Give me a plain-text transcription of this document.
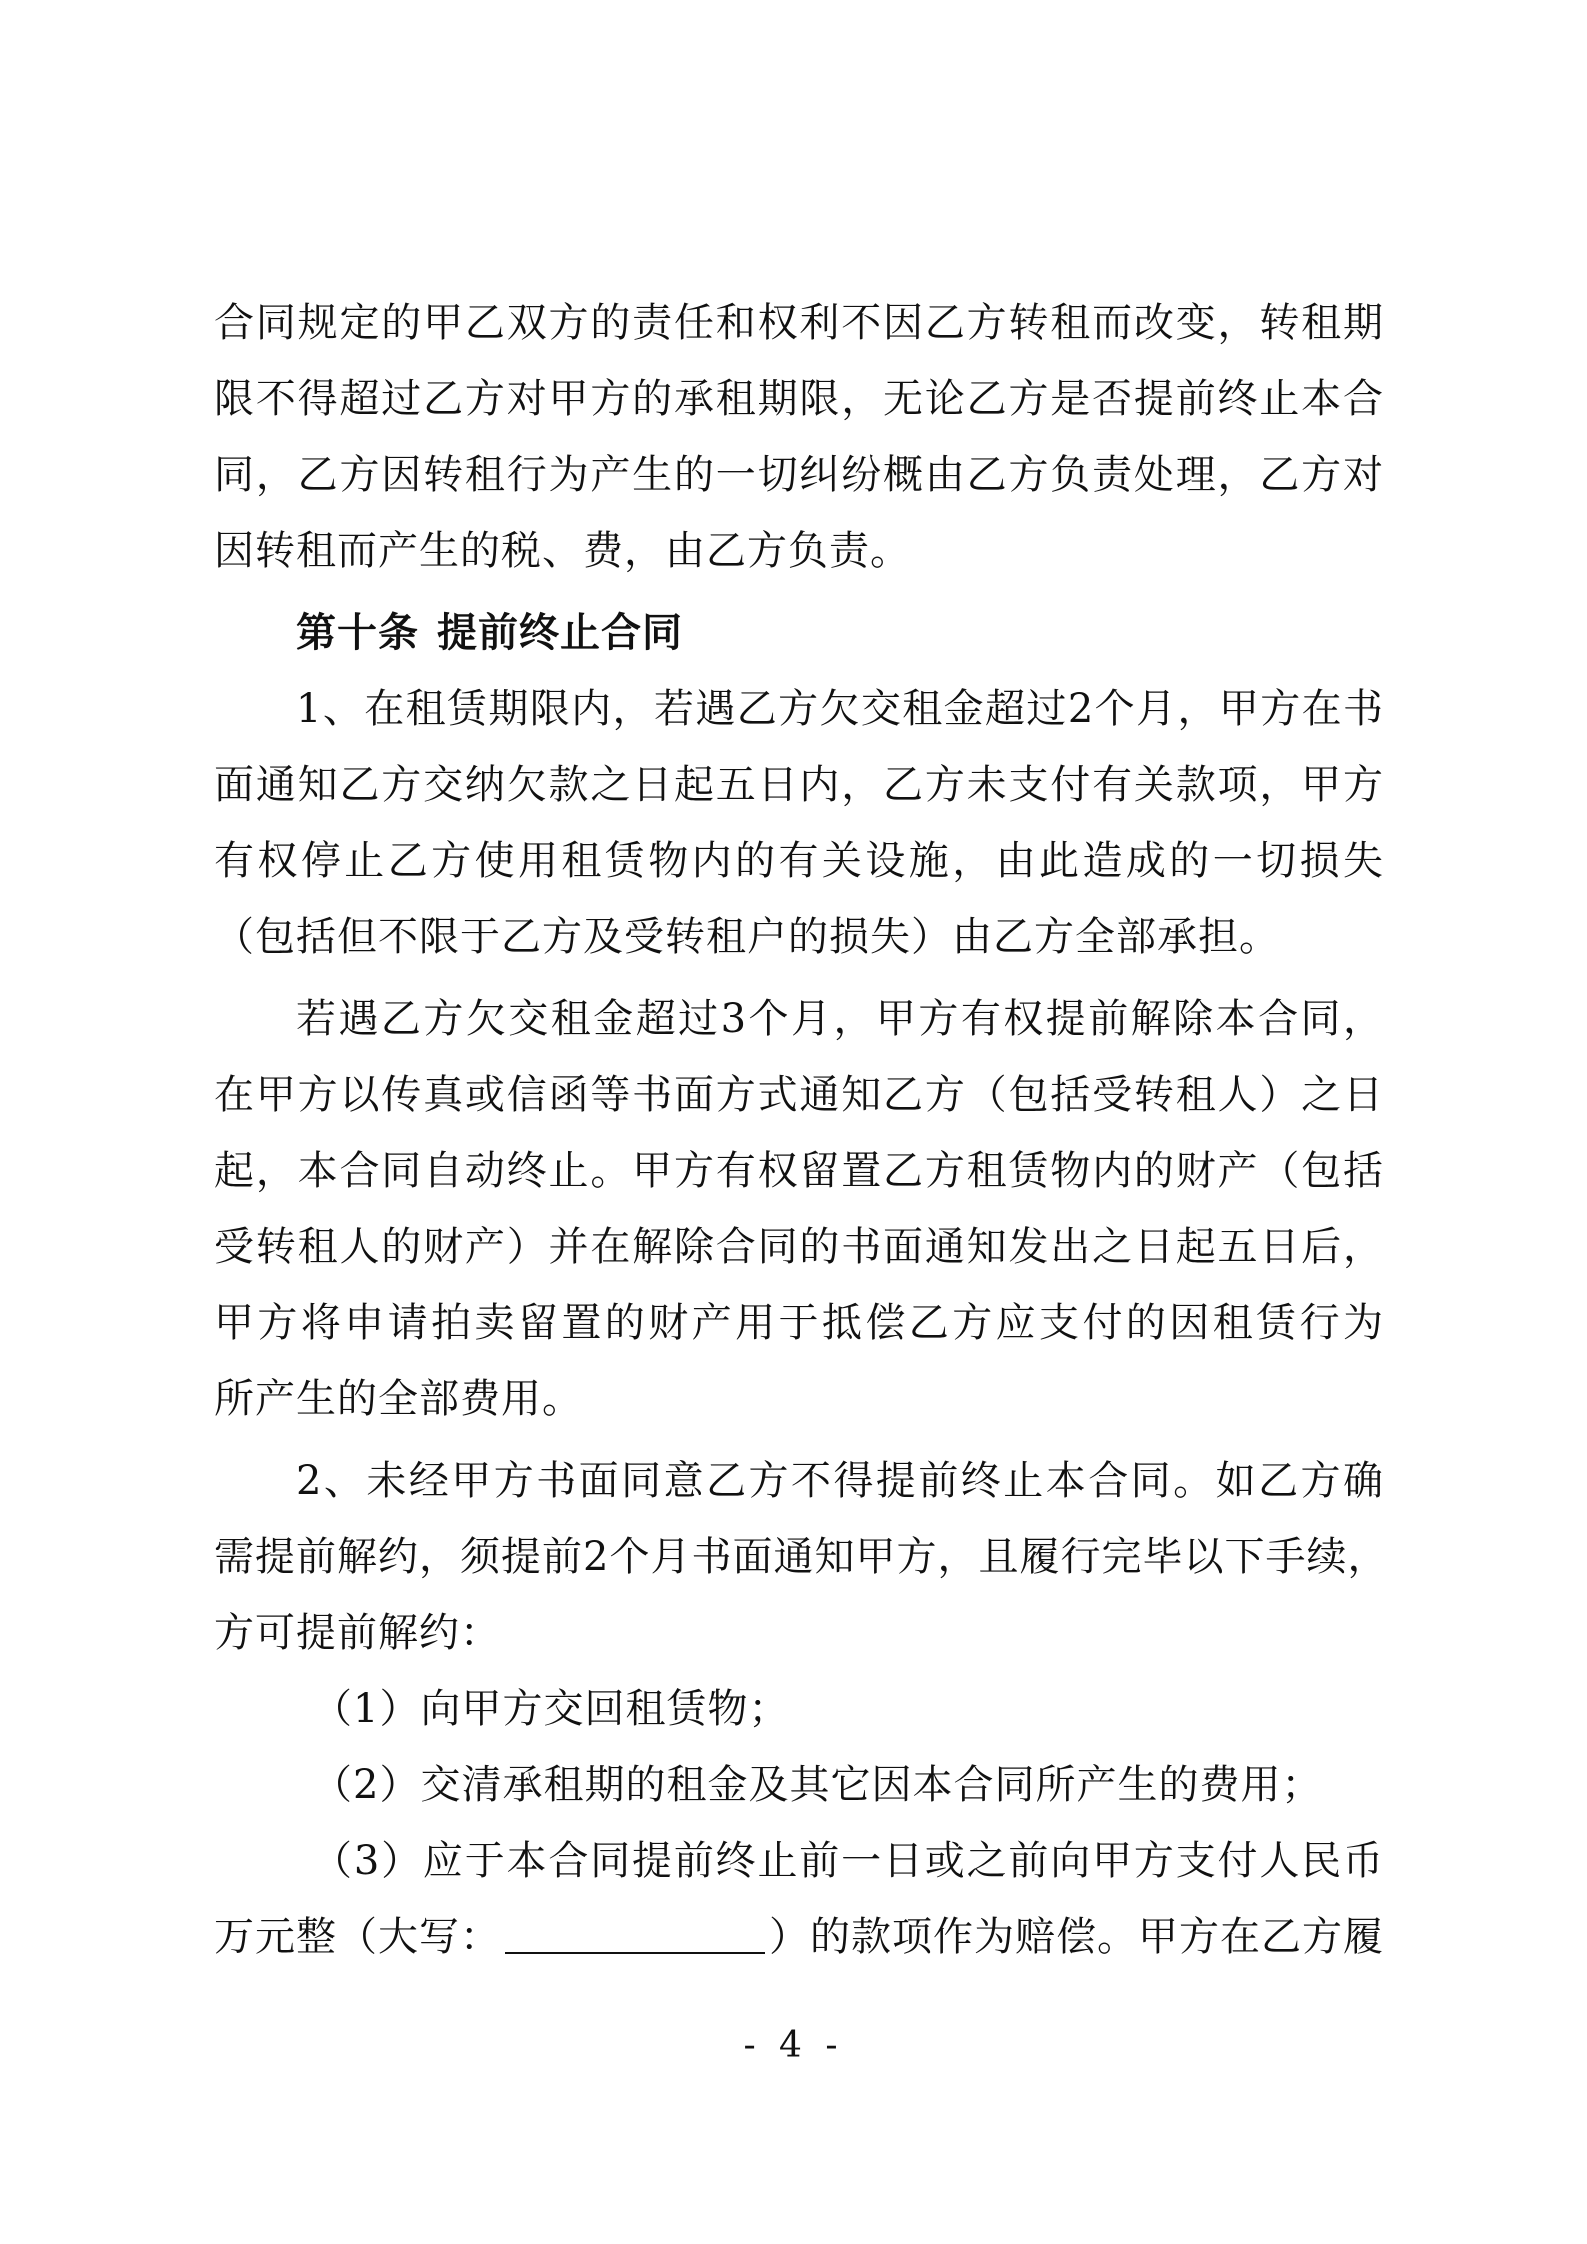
合同规定的甲乙双方的责任和权利不因乙方转租而改变，转租期
限不得超过乙方对甲方的承租期限，无论乙方是否提前终止本合
同，乙方因转租行为产生的一切纠纷概由乙方负责处理，乙方对
因转租而产生的税、费，由乙方负责。
第十条 提前终止合同
1、在租赁期限内，若遇乙方欠交租金超过2个月，甲方在书
面通知乙方交纳欠款之日起五日内，乙方未支付有关款项，甲方
有权停止乙方使用租赁物内的有关设施，由此造成的一切损失
（包括但不限于乙方及受转租户的损失）由乙方全部承担。
若遇乙方欠交租金超过3个月，甲方有权提前解除本合同，
在甲方以传真或信函等书面方式通知乙方（包括受转租人）之日
起，本合同自动终止。甲方有权留置乙方租赁物内的财产（包括
受转租人的财产）并在解除合同的书面通知发出之日起五日后，
甲方将申请拍卖留置的财产用于抵偿乙方应支付的因租赁行为
所产生的全部费用。
2、未经甲方书面同意乙方不得提前终止本合同。如乙方确
需提前解约，须提前2个月书面通知甲方，且履行完毕以下手续，
方可提前解约：
（1）向甲方交回租赁物；
（2）交清承租期的租金及其它因本合同所产生的费用；
（3）应于本合同提前终止前一日或之前向甲方支付人民币
万元整（大写：	）的款项作为赔偿。甲方在乙方履
- 4 -
